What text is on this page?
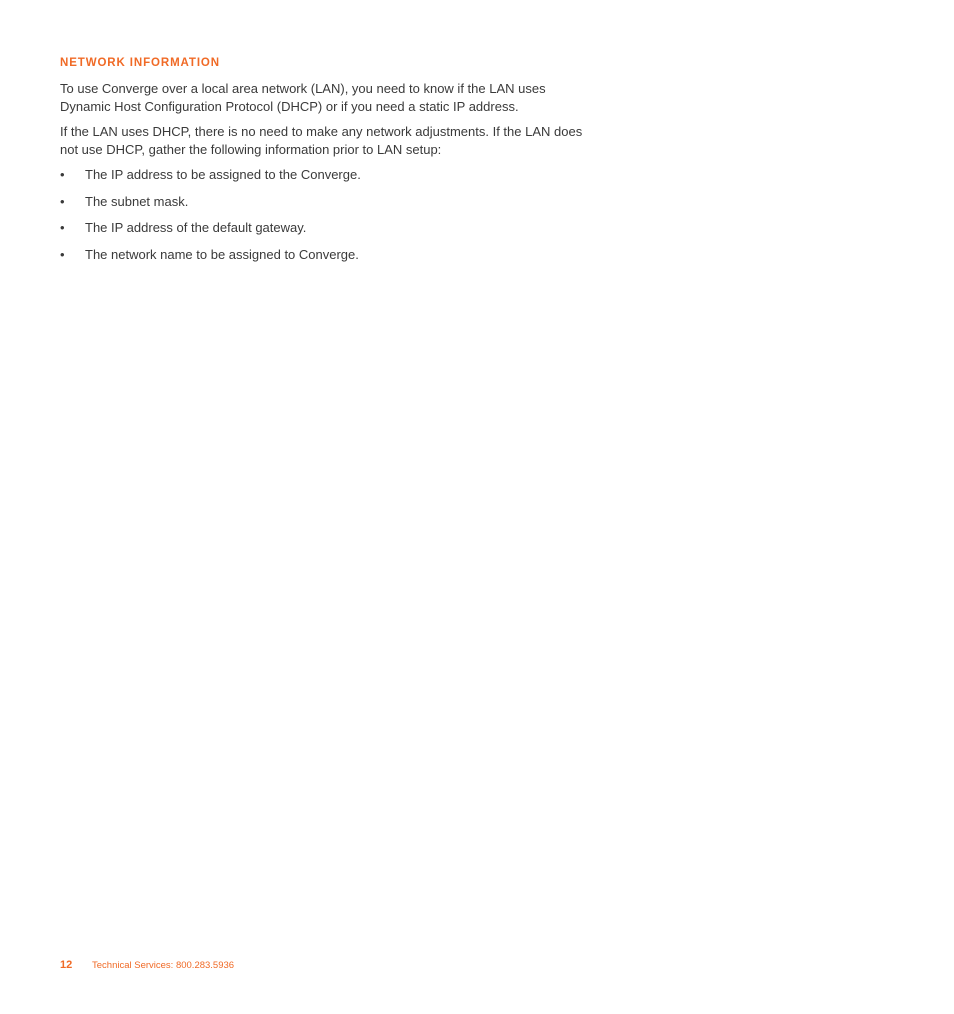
NETWORK INFORMATION

To use Converge over a local area network (LAN), you need to know if the LAN uses Dynamic Host Configuration Protocol (DHCP) or if you need a static IP address.

If the LAN uses DHCP, there is no need to make any network adjustments. If the LAN does not use DHCP, gather the following information prior to LAN setup:

•	The IP address to be assigned to the Converge.
•	The subnet mask.
•	The IP address of the default gateway.
•	The network name to be assigned to Converge.
12 Technical Services: 800.283.5936
